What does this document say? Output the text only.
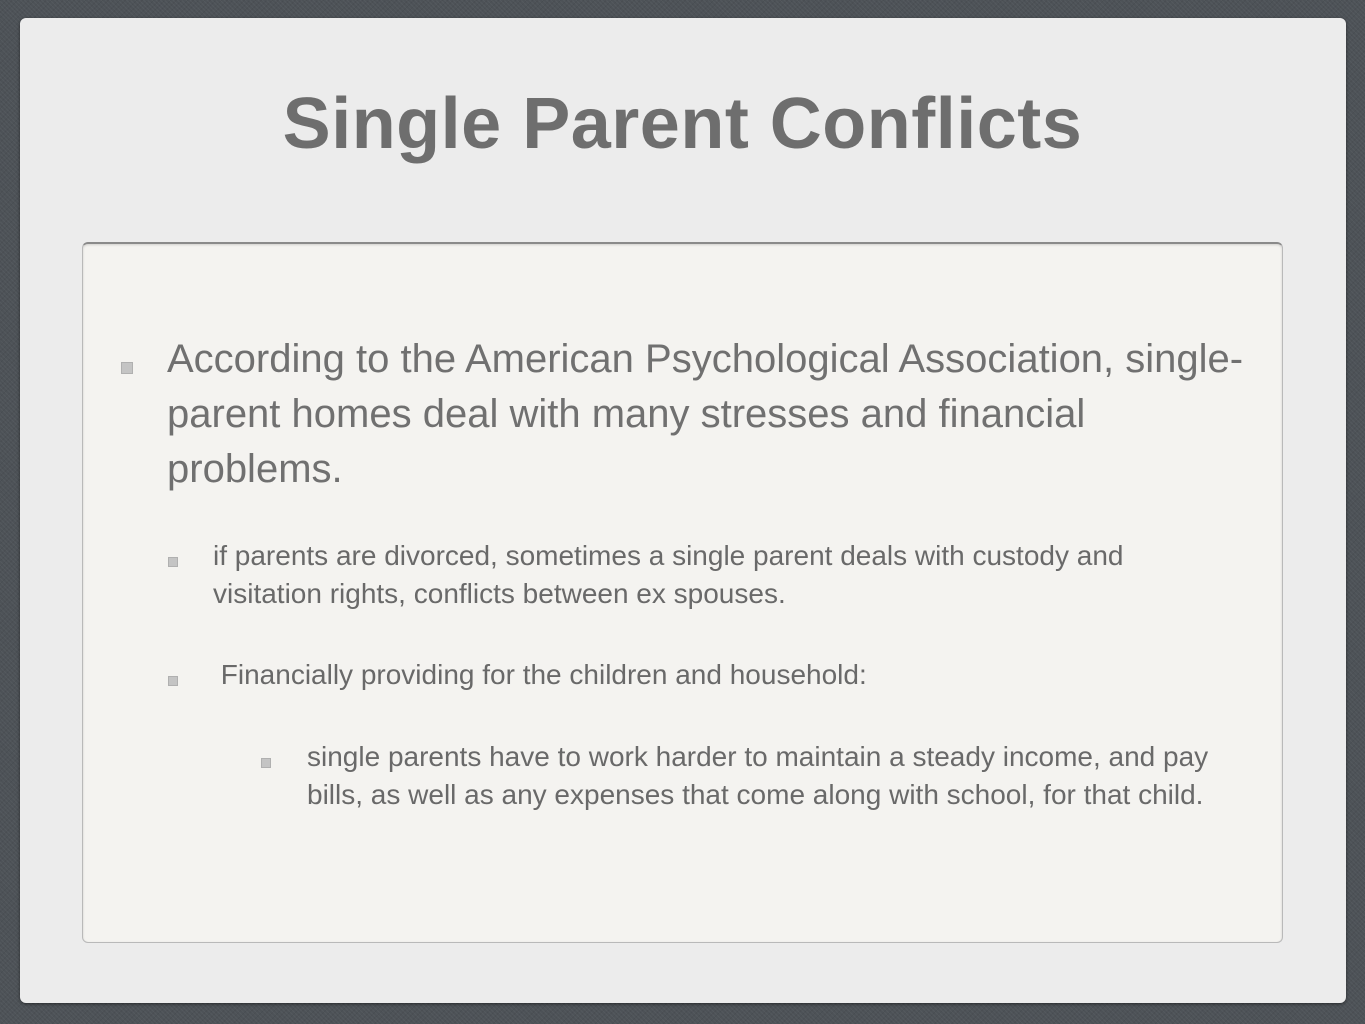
Single Parent Conflicts

According to the American Psychological Association, single-parent homes deal with many stresses and financial problems.

if parents are divorced, sometimes a single parent deals with custody and visitation rights, conflicts between ex spouses.

Financially providing for the children and household:

single parents have to work harder to maintain a steady income, and pay bills, as well as any expenses that come along with school, for that child.
